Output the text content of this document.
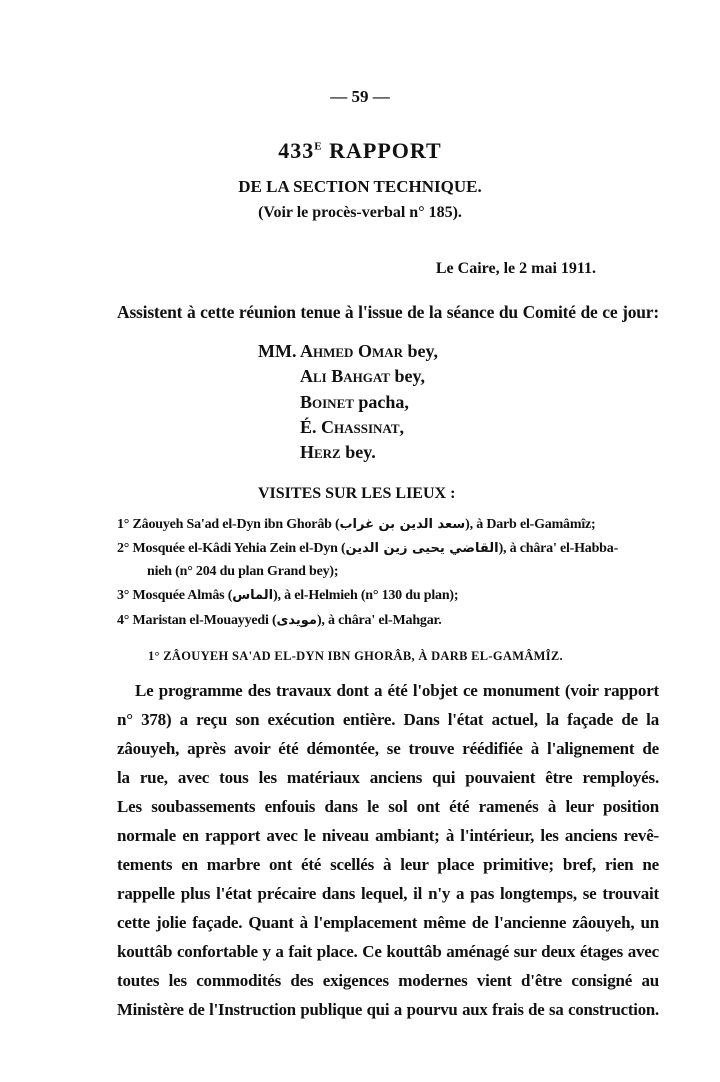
— 59 —
$433^E$ RAPPORT
DE LA SECTION TECHNIQUE.
(Voir le procès-verbal n° 185).
Le Caire, le 2 mai 1911.
Assistent à cette réunion tenue à l'issue de la séance du Comité de ce jour:
MM. Ahmed Omar bey,
Ali Bahgat bey,
Boinet pacha,
É. Chassinat,
Herz bey.
VISITES SUR LES LIEUX :
1° Zâouyeh Sa'ad el-Dyn ibn Ghorâb (سعد الدين بن غراب), à Darb el-Gamâmîz;
2° Mosquée el-Kâdi Yehia Zein el-Dyn (القاضي يحيى زين الدين), à châra' el-Habba-
nieh (n° 204 du plan Grand bey);
3° Mosquée Almâs (الماس), à el-Helmieh (n° 130 du plan);
4° Maristan el-Mouayyedi (مويدى), à châra' el-Mahgar.
1° ZÂOUYEH SA'AD EL-DYN IBN GHORÂB, À DARB EL-GAMÂMÎZ.
Le programme des travaux dont a été l'objet ce monument (voir rapport
n° 378) a reçu son exécution entière. Dans l'état actuel, la façade de la
zâouyeh, après avoir été démontée, se trouve réédifiée à l'alignement de
la rue, avec tous les matériaux anciens qui pouvaient être remployés.
Les soubassements enfouis dans le sol ont été ramenés à leur position
normale en rapport avec le niveau ambiant; à l'intérieur, les anciens revê-
tements en marbre ont été scellés à leur place primitive; bref, rien ne
rappelle plus l'état précaire dans lequel, il n'y a pas longtemps, se trouvait
cette jolie façade. Quant à l'emplacement même de l'ancienne zâouyeh, un
kouttâb confortable y a fait place. Ce kouttâb aménagé sur deux étages avec
toutes les commodités des exigences modernes vient d'être consigné au
Ministère de l'Instruction publique qui a pourvu aux frais de sa construction.
